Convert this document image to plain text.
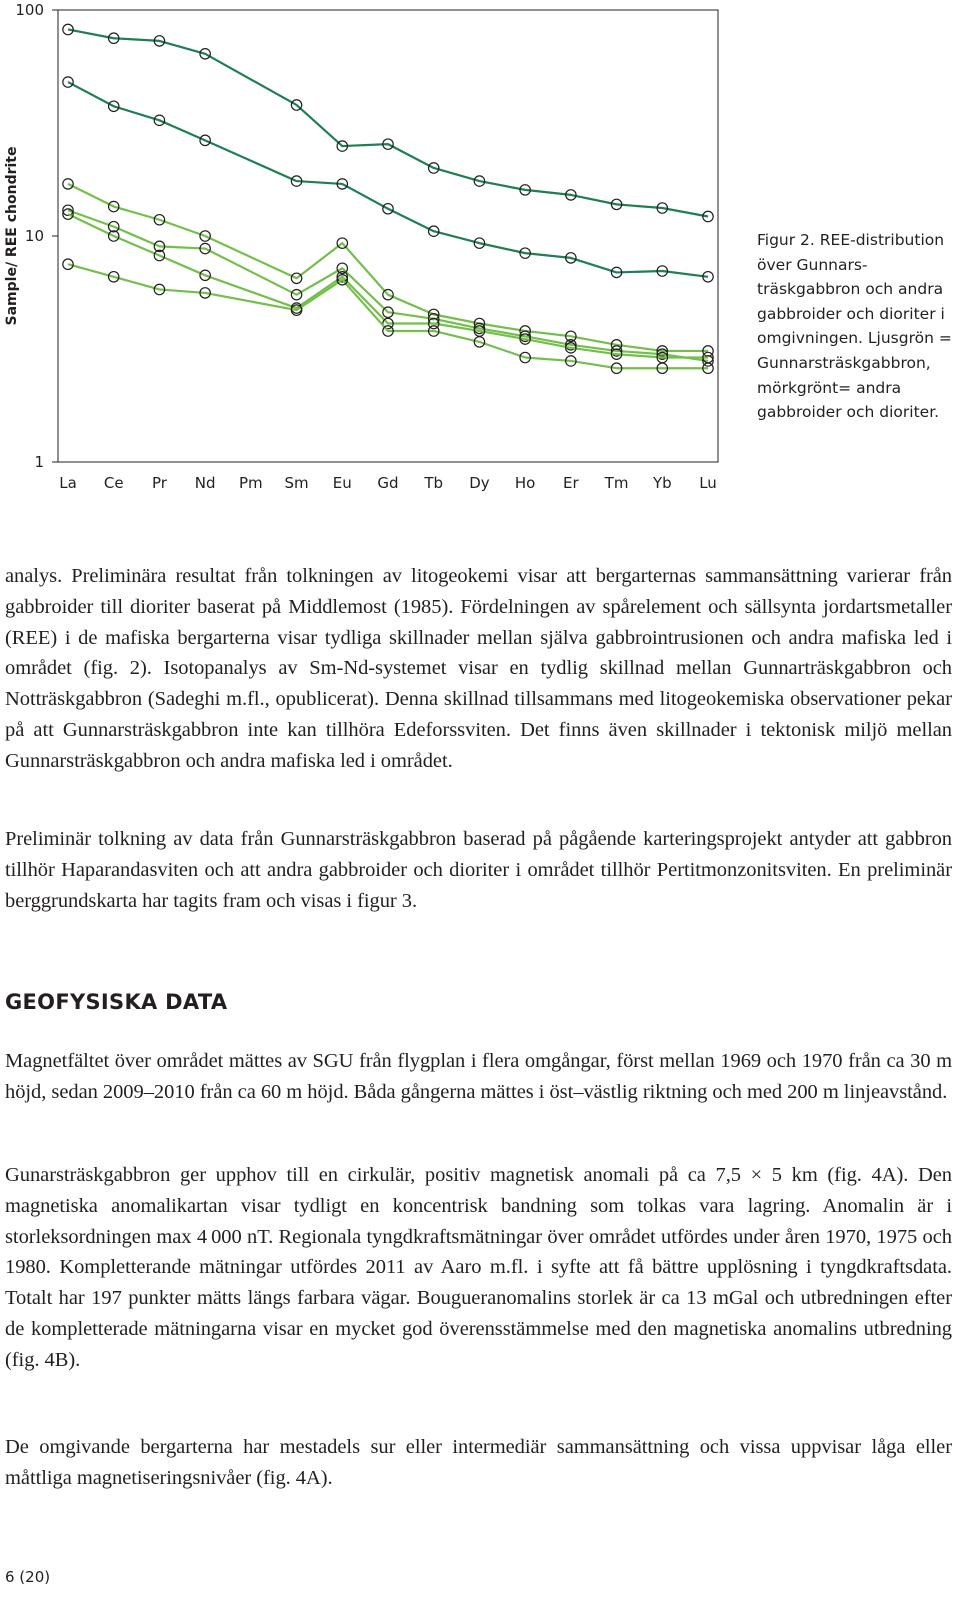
1
10
100
La Ce Pr Nd Pm Sm Eu Gd Tb Dy Ho Er Tm Yb Lu
Sample/ REE chondrite	Figur 2. REE-distribution över Gunnarsträskgabbron och andra gabbroider och dioriter i omgivningen. Ljusgrön = Gunnarsträskgabbron, mörkgrönt= andra gabbroider och dioriter.

analys. Preliminära resultat från tolkningen av litogeokemi visar att bergarternas sammansättning varierar från gabbroider till dioriter baserat på Middlemost (1985). Fördelningen av spårelement och sällsynta jordartsmetaller (REE) i de mafiska bergarterna visar tydliga skillnader mellan själva gabbrointrusionen och andra mafiska led i området (fig. 2). Isotopanalys av Sm-Nd-systemet visar en tydlig skillnad mellan Gunnarträskgabbron och Notträskgabbron (Sadeghi m.fl., opublicerat). Denna skillnad tillsammans med litogeokemiska observationer pekar på att Gunnarsträskgabbron inte kan tillhöra Edeforssviten. Det finns även skillnader i tektonisk miljö mellan Gunnarsträskgabbron och andra mafiska led i området.

Preliminär tolkning av data från Gunnarsträskgabbron baserad på pågående karteringsprojekt antyder att gabbron tillhör Haparandasviten och att andra gabbroider och dioriter i området tillhör Pertitmonzonitsviten. En preliminär berggrundskarta har tagits fram och visas i figur 3.

GEOFYSISKA DATA

Magnetfältet över området mättes av SGU från flygplan i flera omgångar, först mellan 1969 och 1970 från ca 30 m höjd, sedan 2009–2010 från ca 60 m höjd. Båda gångerna mättes i öst–västlig riktning och med 200 m linjeavstånd.

Gunarsträskgabbron ger upphov till en cirkulär, positiv magnetisk anomali på ca 7,5 × 5 km (fig. 4A). Den magnetiska anomalikartan visar tydligt en koncentrisk bandning som tolkas vara lagring. Anomalin är i storleksordningen max 4 000 nT. Regionala tyngdkraftsmätningar över området utfördes under åren 1970, 1975 och 1980. Kompletterande mätningar utfördes 2011 av Aaro m.fl. i syfte att få bättre upplösning i tyngdkraftsdata. Totalt har 197 punkter mätts längs farbara vägar. Bougueranomalins storlek är ca 13 mGal och utbredningen efter de kompletterade mätningarna visar en mycket god överensstämmelse med den magnetiska anomalins utbredning (fig. 4B).

De omgivande bergarterna har mestadels sur eller intermediär sammansättning och vissa uppvisar låga eller måttliga magnetiseringsnivåer (fig. 4A).

6 (20)
